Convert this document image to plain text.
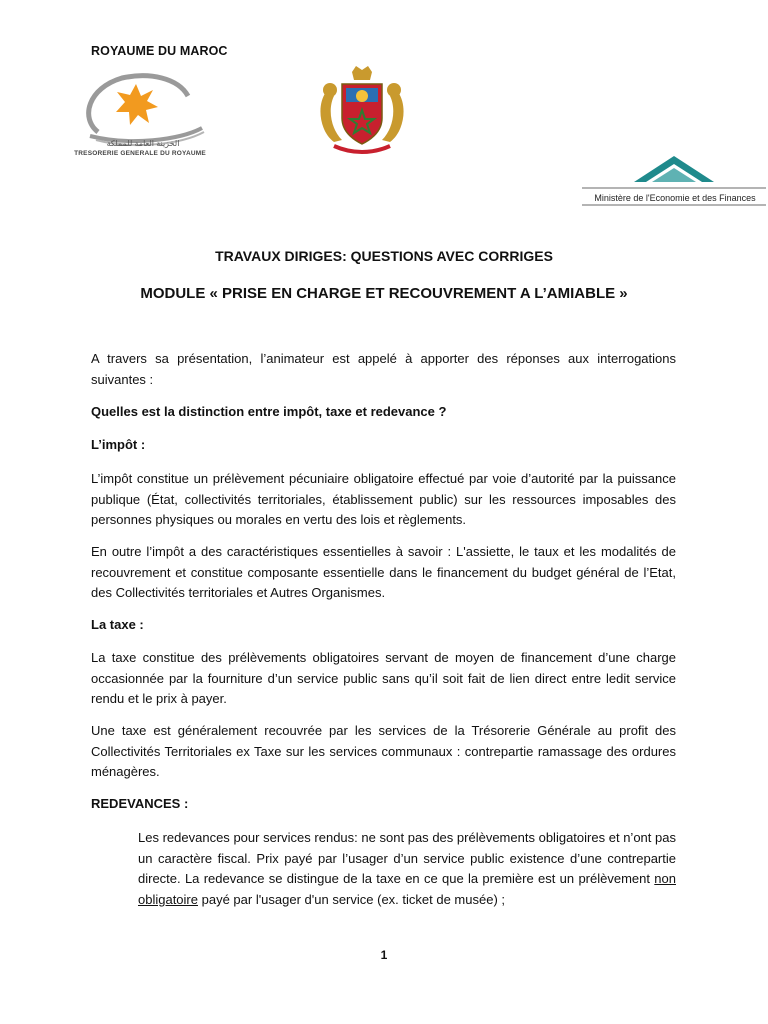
ROYAUME DU MAROC
الخزينة العامة للمملكة
TRESORERIE GENERALE DU ROYAUME
Ministère de l'Economie et des Finances
TRAVAUX DIRIGES: QUESTIONS AVEC CORRIGES
MODULE « PRISE EN CHARGE ET RECOUVREMENT A L’AMIABLE »
A travers sa présentation, l’animateur est appelé à apporter des réponses aux interrogations suivantes :
Quelles est la distinction entre impôt, taxe et redevance ?
L’impôt :
L’impôt constitue un prélèvement pécuniaire obligatoire effectué par voie d’autorité par la puissance publique (État, collectivités territoriales, établissement public) sur les ressources imposables des personnes physiques ou morales en vertu des lois et règlements.
En outre l’impôt a des caractéristiques essentielles à savoir : L'assiette, le taux et les modalités de recouvrement et constitue composante essentielle dans le financement du budget général de l’Etat, des Collectivités territoriales et Autres Organismes.
La taxe :
La taxe constitue des prélèvements obligatoires servant de moyen de financement d’une charge occasionnée par la fourniture d’un service public sans qu’il soit fait de lien direct entre ledit service rendu et le prix à payer.
Une taxe est généralement recouvrée par les services de la Trésorerie Générale au profit des Collectivités Territoriales ex Taxe sur les services communaux : contrepartie ramassage des ordures ménagères.
REDEVANCES :
Les redevances pour services rendus: ne sont pas des prélèvements obligatoires et n’ont pas un caractère fiscal. Prix payé par l’usager d’un service public existence d’une contrepartie directe. La redevance se distingue de la taxe en ce que la première est un prélèvement non obligatoire payé par l'usager d'un service (ex. ticket de musée) ;
1
